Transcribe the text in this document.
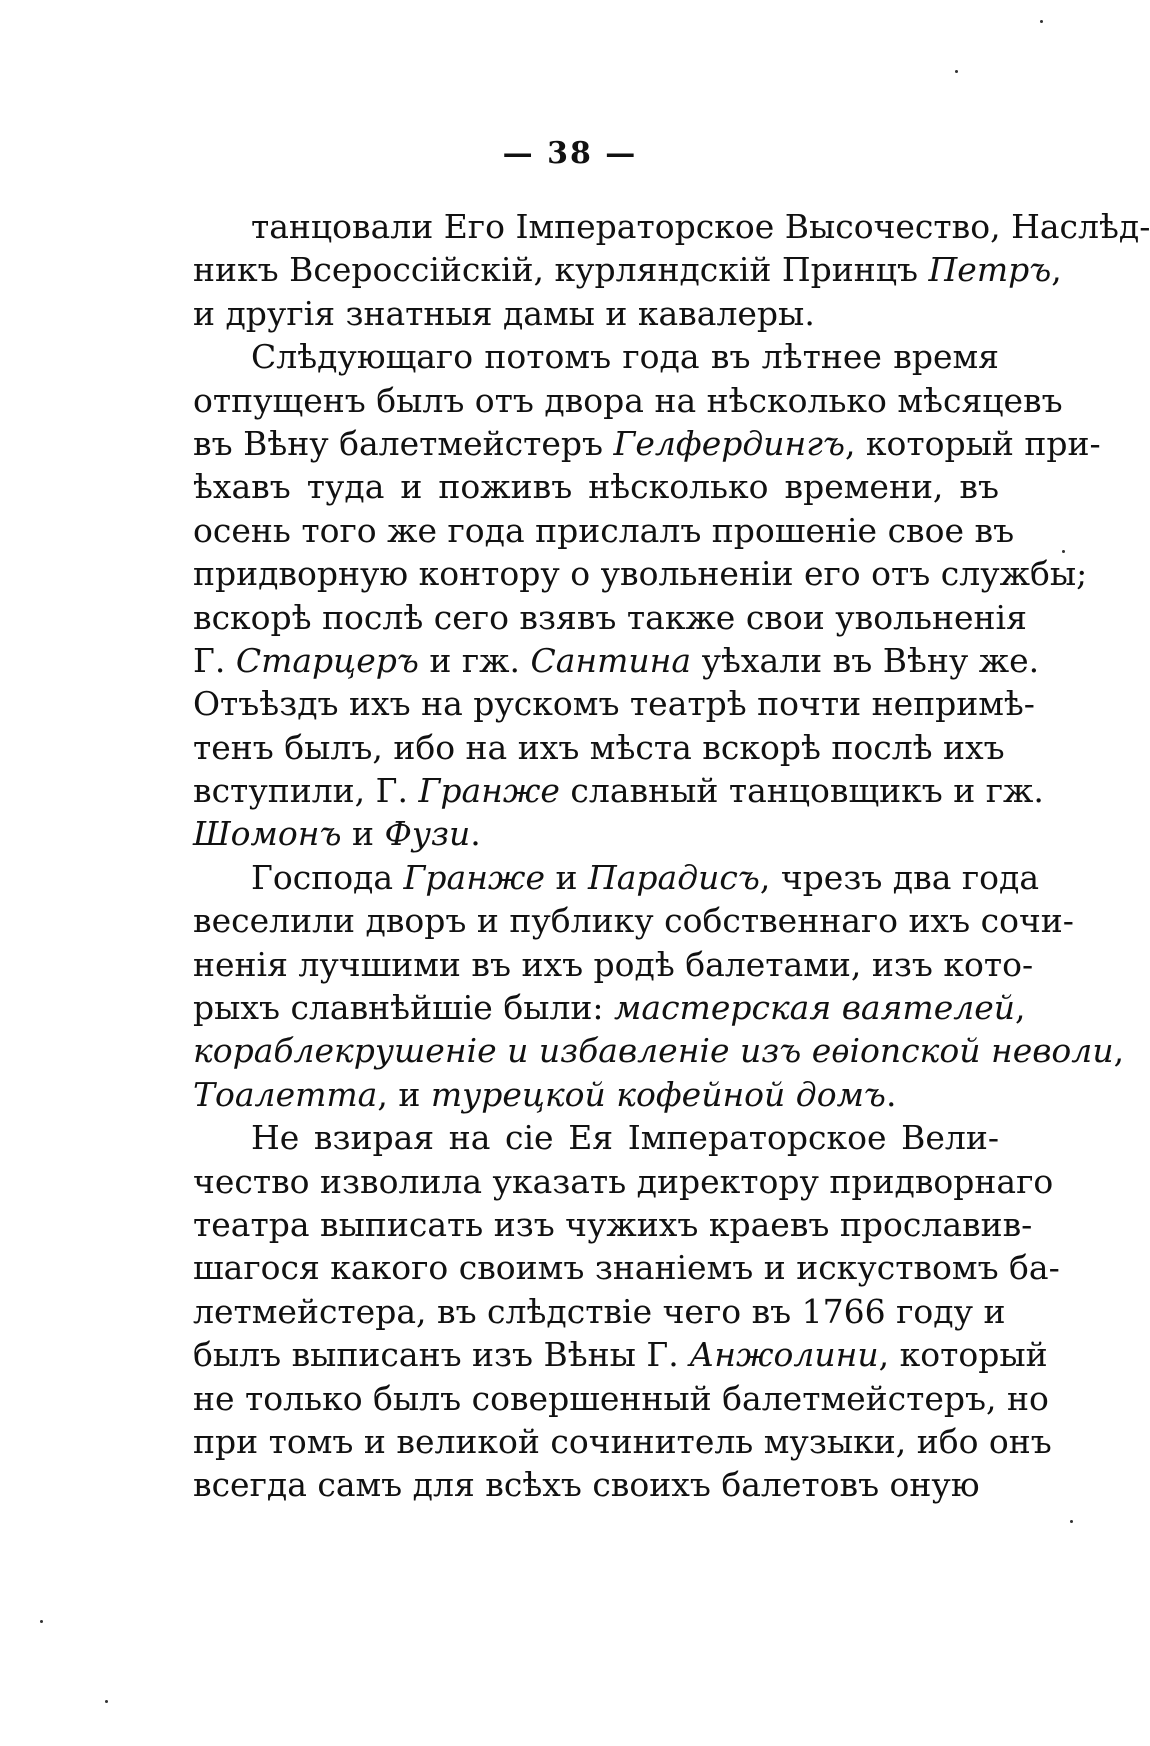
— 38 —
танцовали Его Iмператорское Высочество, Наслѣд-
никъ Всероссiйскiй, курляндскiй Принцъ Петръ,
и другiя знатныя дамы и кавалеры.
Слѣдующаго потомъ года въ лѣтнее время
отпущенъ былъ отъ двора на нѣсколько мѣсяцевъ
въ Вѣну балетмейстеръ Гелфердингъ, который при-
ѣхавъ туда и поживъ нѣсколько времени, въ
осень того же года прислалъ прошенiе свое въ
придворную контору о увольненiи его отъ службы;
вскорѣ послѣ сего взявъ также свои увольненiя
Г. Старцеръ и гж. Сантина уѣхали въ Вѣну же.
Отъѣздъ ихъ на рускомъ театрѣ почти непримѣ-
тенъ былъ, ибо на ихъ мѣста вскорѣ послѣ ихъ
вступили, Г. Гранже славный танцовщикъ и гж.
Шомонъ и Фузи.
Господа Гранже и Парадисъ, чрезъ два года
веселили дворъ и публику собственнаго ихъ сочи-
ненiя лучшими въ ихъ родѣ балетами, изъ кото-
рыхъ славнѣйшiе были: мастерская ваятелей,
кораблекрушенiе и избавленiе изъ еѳiопской неволи,
Тоалетта, и турецкой кофейной домъ.
Не взирая на сiе Ея Iмператорское Вели-
чество изволила указать директору придворнаго
театра выписать изъ чужихъ краевъ прославив-
шагося какого своимъ знанiемъ и искуствомъ ба-
летмейстера, въ слѣдствiе чего въ 1766 году и
былъ выписанъ изъ Вѣны Г. Анжолини, который
не только былъ совершенный балетмейстеръ, но
при томъ и великой сочинитель музыки, ибо онъ
всегда самъ для всѣхъ своихъ балетовъ оную
